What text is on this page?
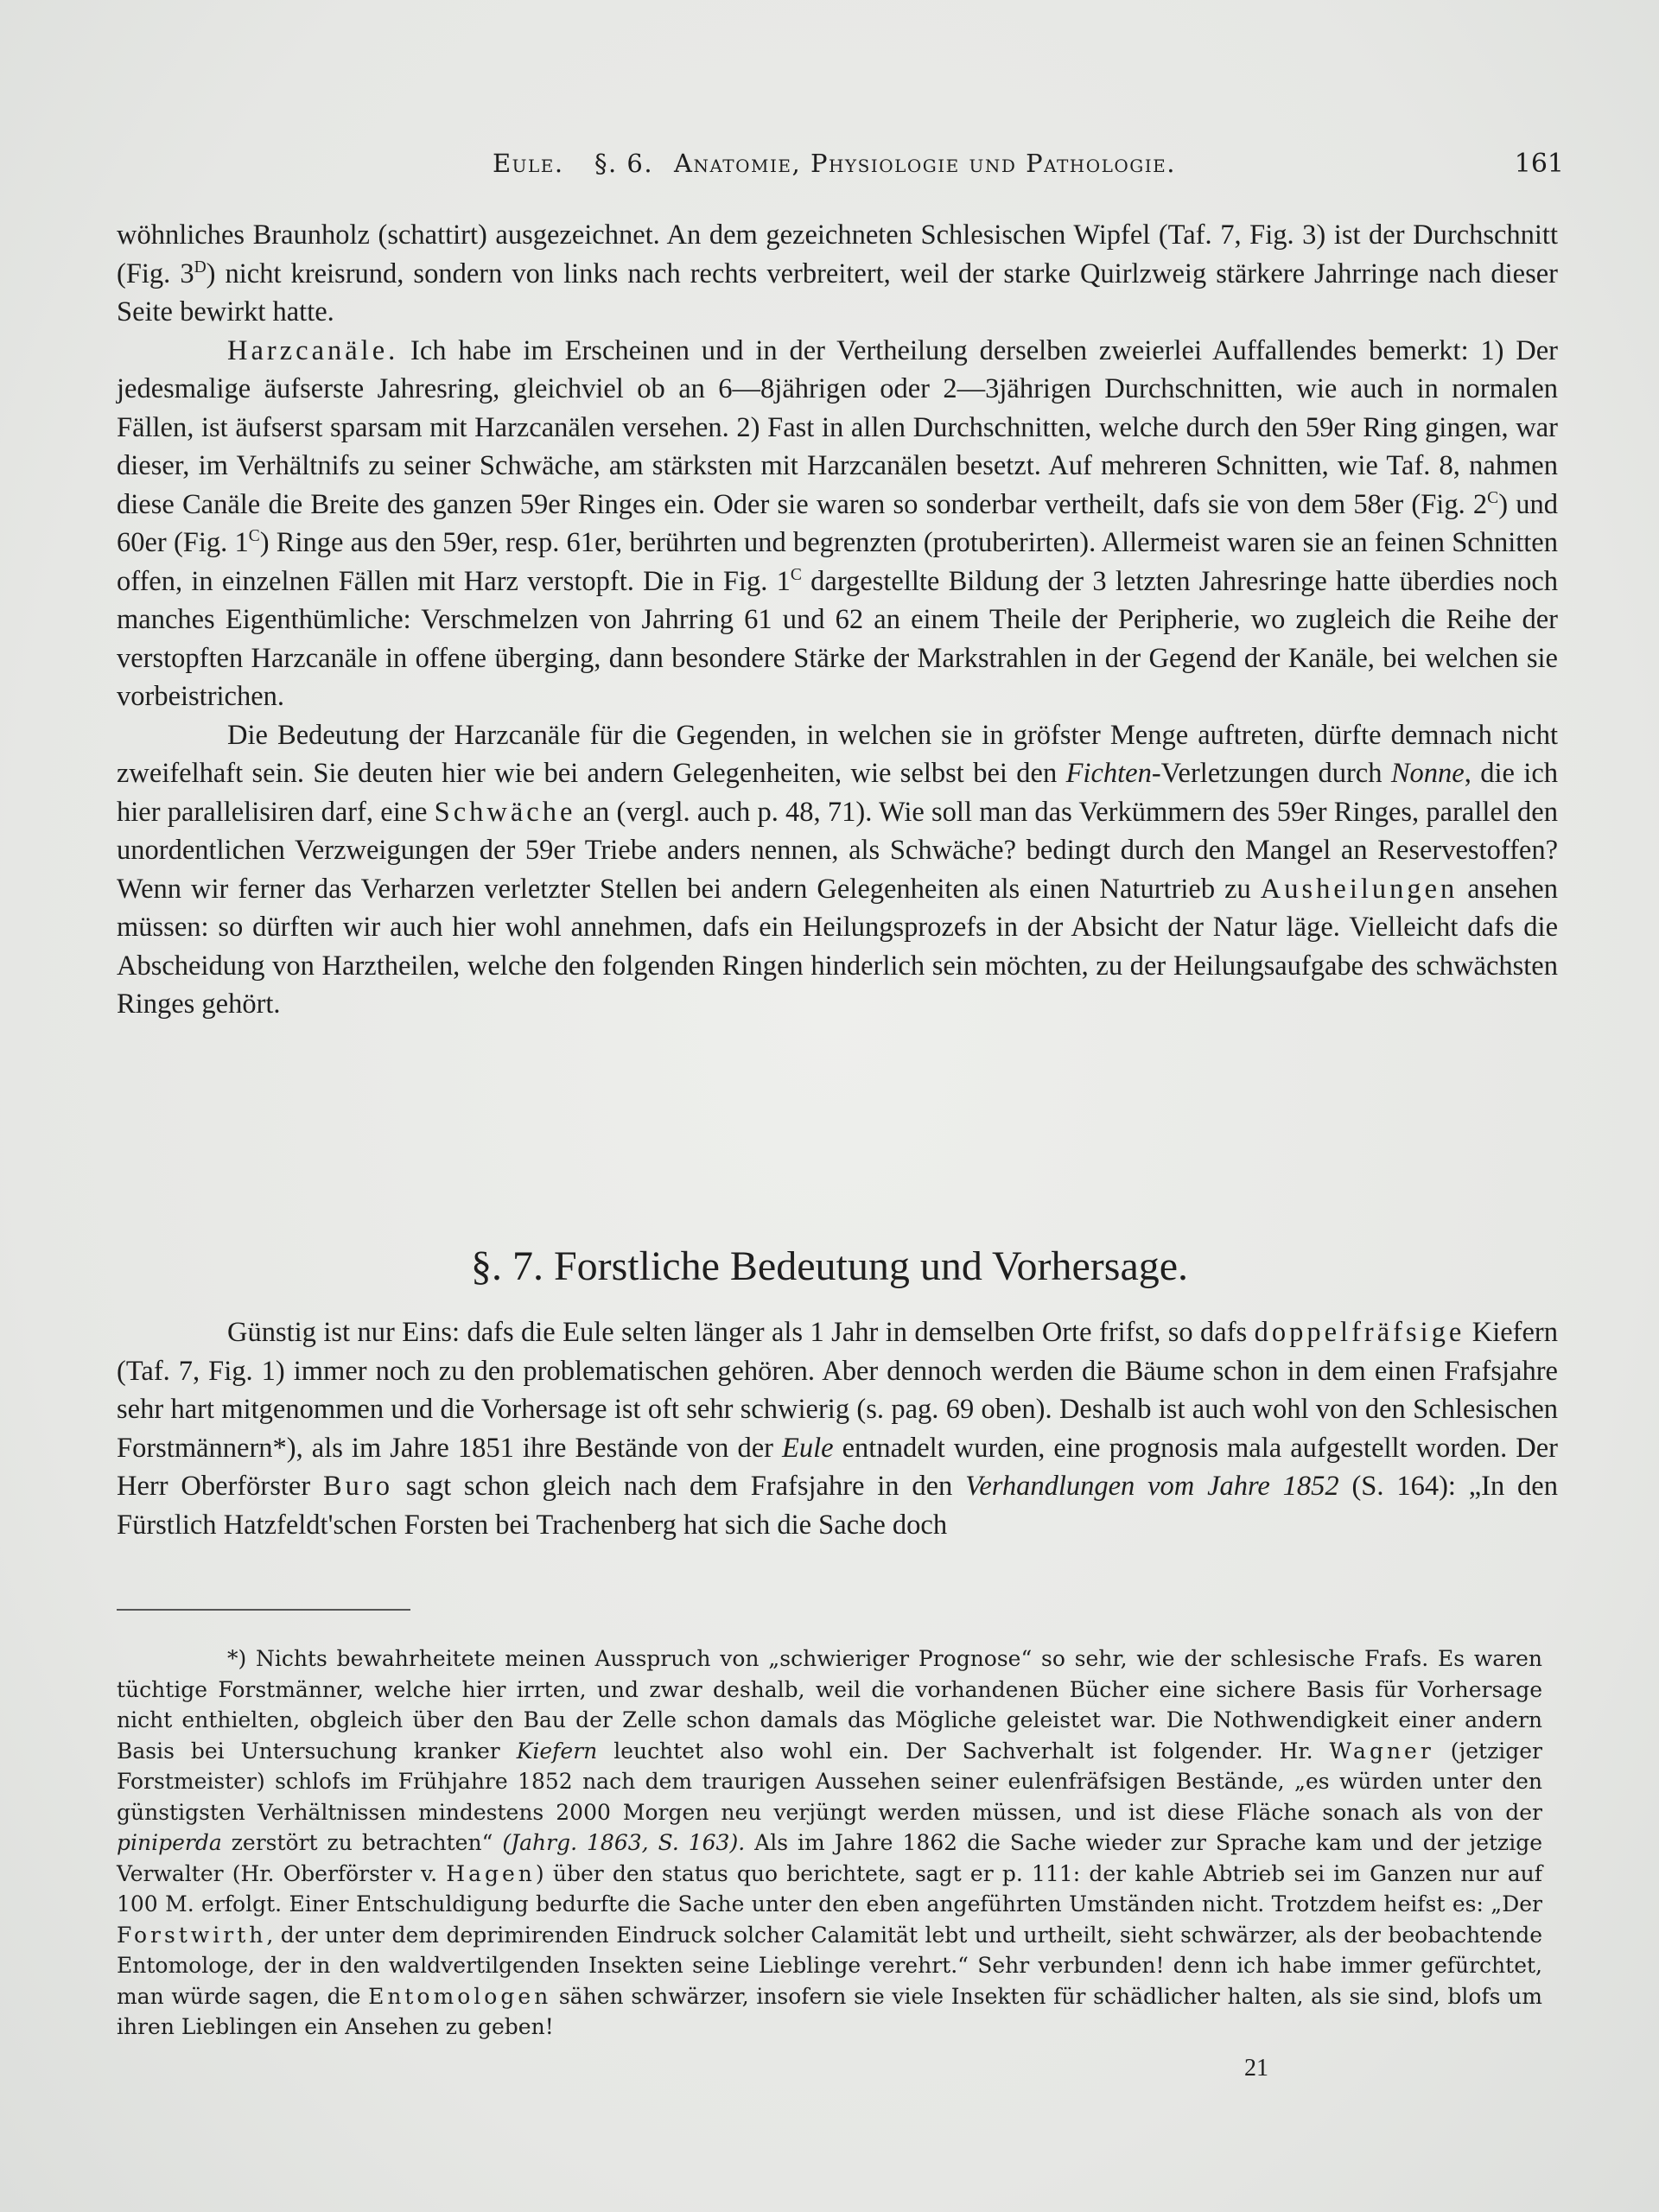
Eule. §. 6. Anatomie, Physiologie und Pathologie.	161

wöhnliches Braunholz (schattirt) ausgezeichnet. An dem gezeichneten Schlesischen Wipfel (Taf. 7, Fig. 3) ist der Durchschnitt (Fig. $3^D$) nicht kreisrund, sondern von links nach rechts verbreitert, weil der starke Quirlzweig stärkere Jahrringe nach dieser Seite bewirkt hatte.

Harzcanäle. Ich habe im Erscheinen und in der Vertheilung derselben zweierlei Auffallendes bemerkt: 1) Der jedesmalige äufserste Jahresring, gleichviel ob an 6—8jährigen oder 2—3jährigen Durchschnitten, wie auch in normalen Fällen, ist äufserst sparsam mit Harzcanälen versehen. 2) Fast in allen Durchschnitten, welche durch den 59er Ring gingen, war dieser, im Verhältnifs zu seiner Schwäche, am stärksten mit Harzcanälen besetzt. Auf mehreren Schnitten, wie Taf. 8, nahmen diese Canäle die Breite des ganzen 59er Ringes ein. Oder sie waren so sonderbar vertheilt, dafs sie von dem 58er (Fig. $2^C$) und 60er (Fig. $1^C$) Ringe aus den 59er, resp. 61er, berührten und begrenzten (protuberirten). Allermeist waren sie an feinen Schnitten offen, in einzelnen Fällen mit Harz verstopft. Die in Fig. $1^C$ dargestellte Bildung der 3 letzten Jahresringe hatte überdies noch manches Eigenthümliche: Verschmelzen von Jahrring 61 und 62 an einem Theile der Peripherie, wo zugleich die Reihe der verstopften Harzcanäle in offene überging, dann besondere Stärke der Markstrahlen in der Gegend der Kanäle, bei welchen sie vorbeistrichen.

Die Bedeutung der Harzcanäle für die Gegenden, in welchen sie in gröfster Menge auftreten, dürfte demnach nicht zweifelhaft sein. Sie deuten hier wie bei andern Gelegenheiten, wie selbst bei den Fichten-Verletzungen durch Nonne, die ich hier parallelisiren darf, eine Schwäche an (vergl. auch p. 48, 71). Wie soll man das Verkümmern des 59er Ringes, parallel den unordentlichen Verzweigungen der 59er Triebe anders nennen, als Schwäche? bedingt durch den Mangel an Reservestoffen? Wenn wir ferner das Verharzen verletzter Stellen bei andern Gelegenheiten als einen Naturtrieb zu Ausheilungen ansehen müssen: so dürften wir auch hier wohl annehmen, dafs ein Heilungsprozefs in der Absicht der Natur läge. Vielleicht dafs die Abscheidung von Harztheilen, welche den folgenden Ringen hinderlich sein möchten, zu der Heilungsaufgabe des schwächsten Ringes gehört.

§. 7. Forstliche Bedeutung und Vorhersage.

Günstig ist nur Eins: dafs die Eule selten länger als 1 Jahr in demselben Orte frifst, so dafs doppelfräfsige Kiefern (Taf. 7, Fig. 1) immer noch zu den problematischen gehören. Aber dennoch werden die Bäume schon in dem einen Frafsjahre sehr hart mitgenommen und die Vorhersage ist oft sehr schwierig (s. pag. 69 oben). Deshalb ist auch wohl von den Schlesischen Forstmännern*), als im Jahre 1851 ihre Bestände von der Eule entnadelt wurden, eine prognosis mala aufgestellt worden. Der Herr Oberförster Buro sagt schon gleich nach dem Frafsjahre in den Verhandlungen vom Jahre 1852 (S. 164): „In den Fürstlich Hatzfeldt'schen Forsten bei Trachenberg hat sich die Sache doch

*) Nichts bewahrheitete meinen Ausspruch von „schwieriger Prognose“ so sehr, wie der schlesische Frafs. Es waren tüchtige Forstmänner, welche hier irrten, und zwar deshalb, weil die vorhandenen Bücher eine sichere Basis für Vorhersage nicht enthielten, obgleich über den Bau der Zelle schon damals das Mögliche geleistet war. Die Nothwendigkeit einer andern Basis bei Untersuchung kranker Kiefern leuchtet also wohl ein. Der Sachverhalt ist folgender. Hr. Wagner (jetziger Forstmeister) schlofs im Frühjahre 1852 nach dem traurigen Aussehen seiner eulenfräfsigen Bestände, „es würden unter den günstigsten Verhältnissen mindestens 2000 Morgen neu verjüngt werden müssen, und ist diese Fläche sonach als von der piniperda zerstört zu betrachten“ (Jahrg. 1863, S. 163). Als im Jahre 1862 die Sache wieder zur Sprache kam und der jetzige Verwalter (Hr. Oberförster v. Hagen) über den status quo berichtete, sagt er p. 111: der kahle Abtrieb sei im Ganzen nur auf 100 M. erfolgt. Einer Entschuldigung bedurfte die Sache unter den eben angeführten Umständen nicht. Trotzdem heifst es: „Der Forstwirth, der unter dem deprimirenden Eindruck solcher Calamität lebt und urtheilt, sieht schwärzer, als der beobachtende Entomologe, der in den waldvertilgenden Insekten seine Lieblinge verehrt.“ Sehr verbunden! denn ich habe immer gefürchtet, man würde sagen, die Entomologen sähen schwärzer, insofern sie viele Insekten für schädlicher halten, als sie sind, blofs um ihren Lieblingen ein Ansehen zu geben!

21
